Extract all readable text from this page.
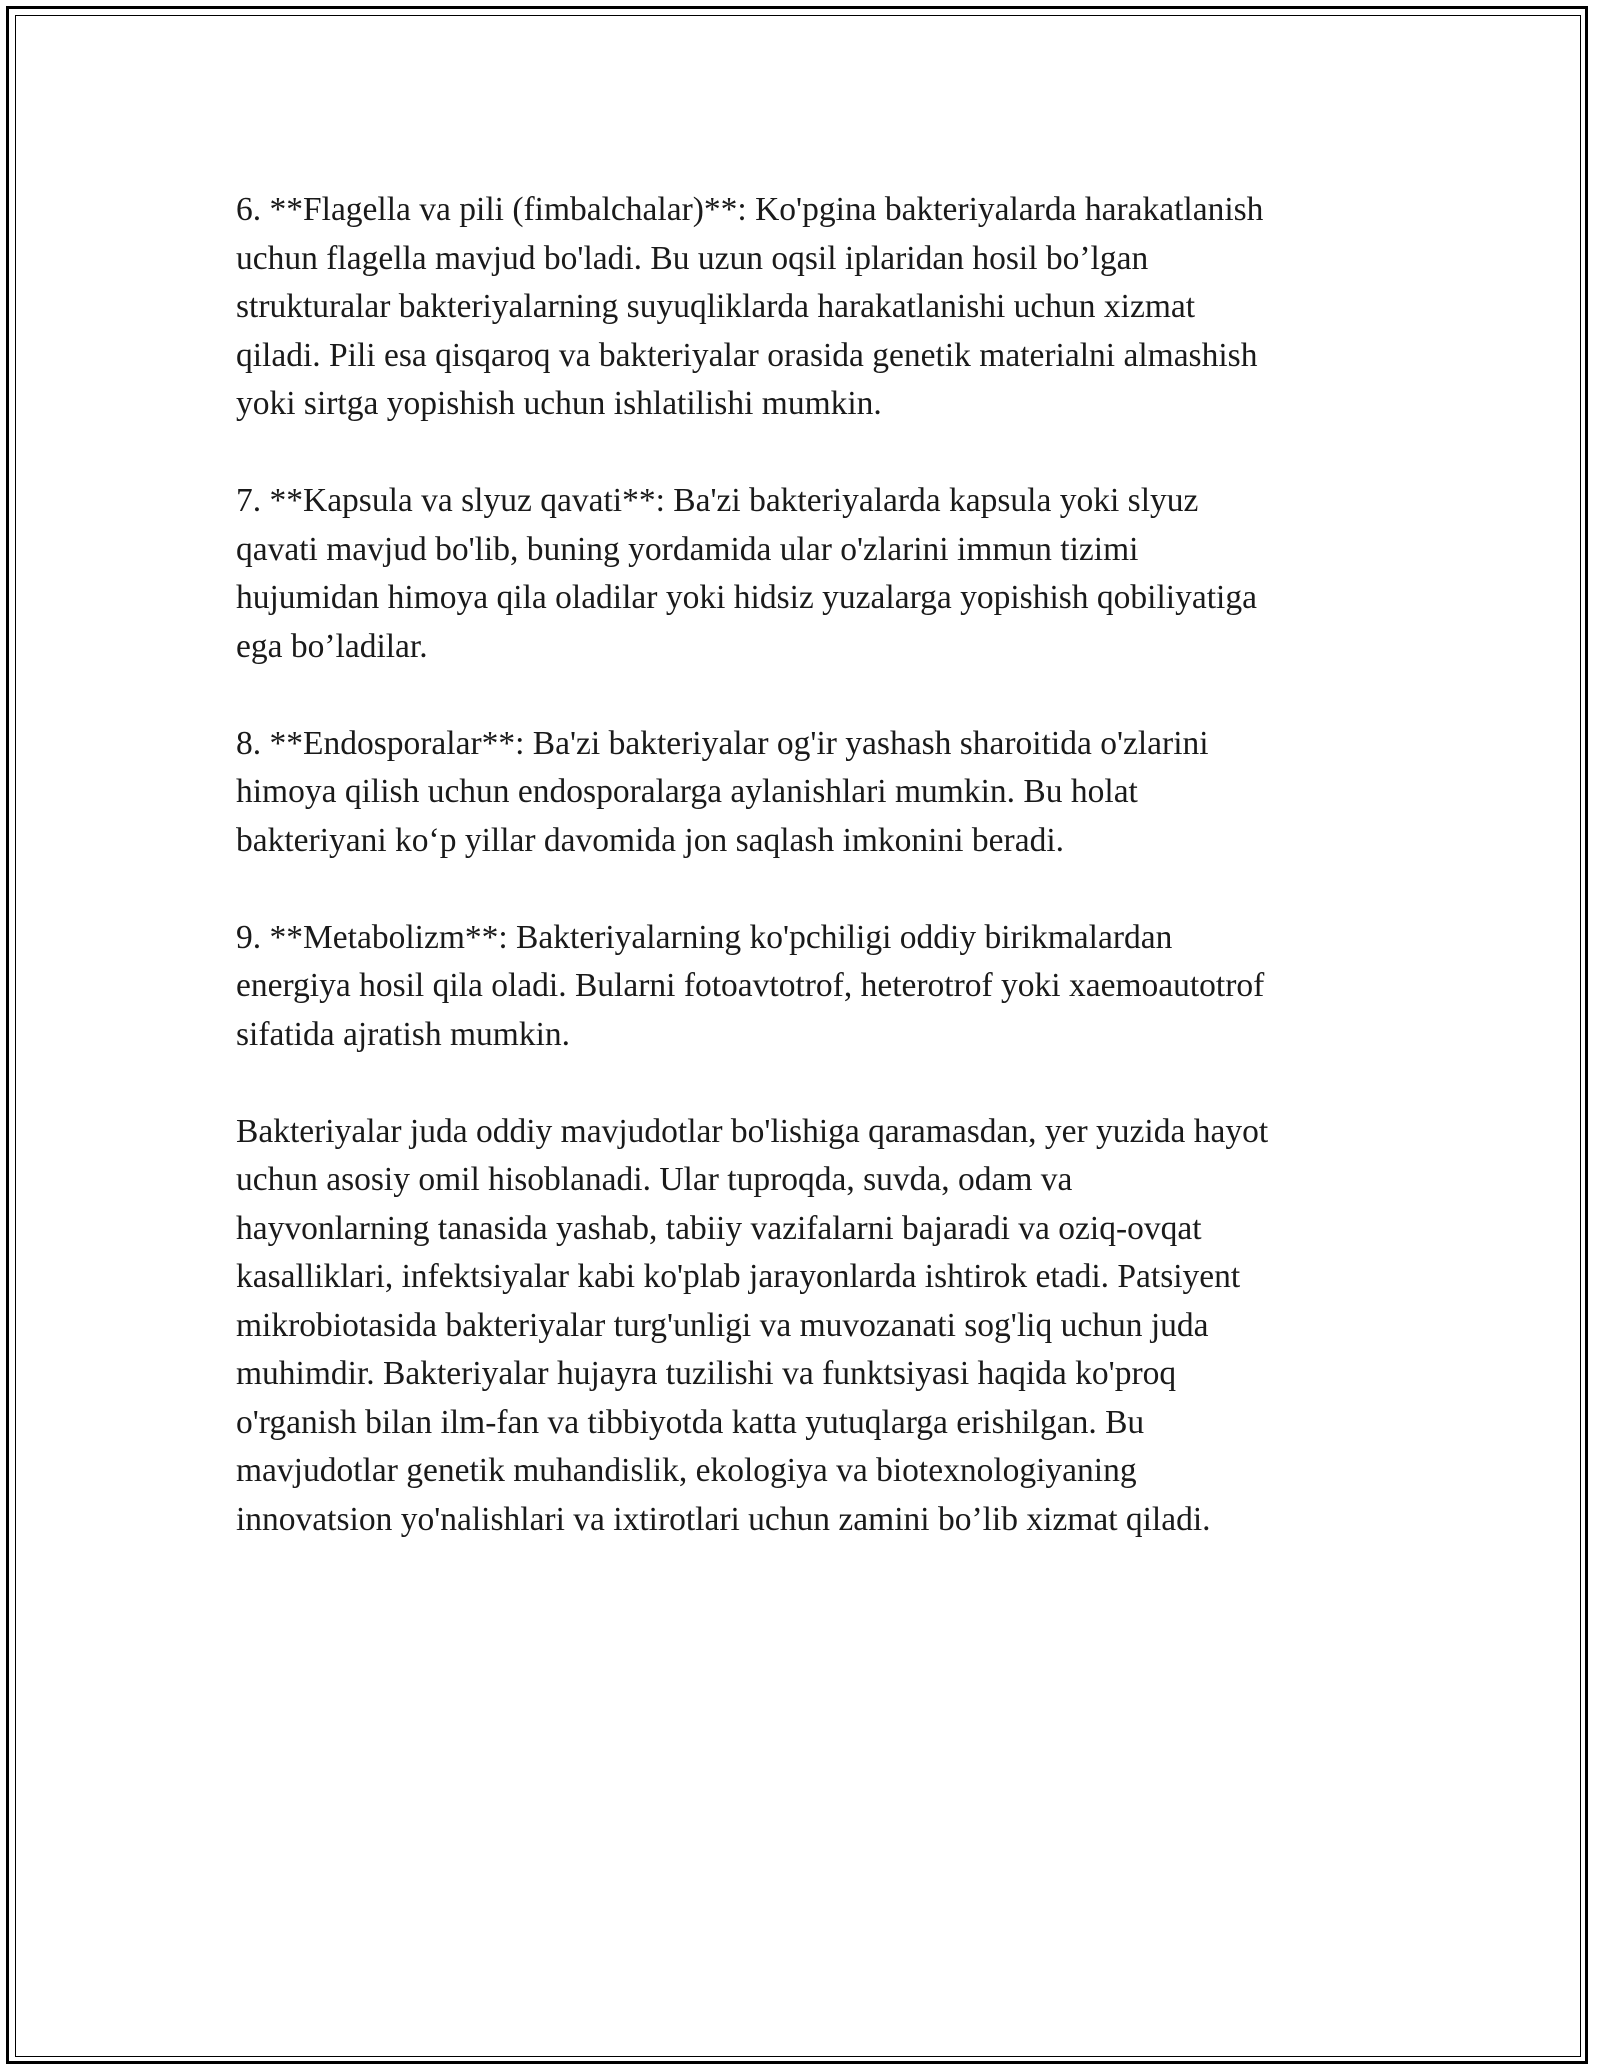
6. **Flagella va pili (fimbalchalar)**: Ko'pgina bakteriyalarda harakatlanish
uchun flagella mavjud bo'ladi. Bu uzun oqsil iplaridan hosil bo’lgan
strukturalar bakteriyalarning suyuqliklarda harakatlanishi uchun xizmat
qiladi. Pili esa qisqaroq va bakteriyalar orasida genetik materialni almashish
yoki sirtga yopishish uchun ishlatilishi mumkin.

7. **Kapsula va slyuz qavati**: Ba'zi bakteriyalarda kapsula yoki slyuz
qavati mavjud bo'lib, buning yordamida ular o'zlarini immun tizimi
hujumidan himoya qila oladilar yoki hidsiz yuzalarga yopishish qobiliyatiga
ega bo’ladilar.

8. **Endosporalar**: Ba'zi bakteriyalar og'ir yashash sharoitida o'zlarini
himoya qilish uchun endosporalarga aylanishlari mumkin. Bu holat
bakteriyani ko‘p yillar davomida jon saqlash imkonini beradi.

9. **Metabolizm**: Bakteriyalarning ko'pchiligi oddiy birikmalardan
energiya hosil qila oladi. Bularni fotoavtotrof, heterotrof yoki xaemoautotrof
sifatida ajratish mumkin.

Bakteriyalar juda oddiy mavjudotlar bo'lishiga qaramasdan, yer yuzida hayot
uchun asosiy omil hisoblanadi. Ular tuproqda, suvda, odam va
hayvonlarning tanasida yashab, tabiiy vazifalarni bajaradi va oziq-ovqat
kasalliklari, infektsiyalar kabi ko'plab jarayonlarda ishtirok etadi. Patsiyent
mikrobiotasida bakteriyalar turg'unligi va muvozanati sog'liq uchun juda
muhimdir. Bakteriyalar hujayra tuzilishi va funktsiyasi haqida ko'proq
o'rganish bilan ilm-fan va tibbiyotda katta yutuqlarga erishilgan. Bu
mavjudotlar genetik muhandislik, ekologiya va biotexnologiyaning
innovatsion yo'nalishlari va ixtirotlari uchun zamini bo’lib xizmat qiladi.
